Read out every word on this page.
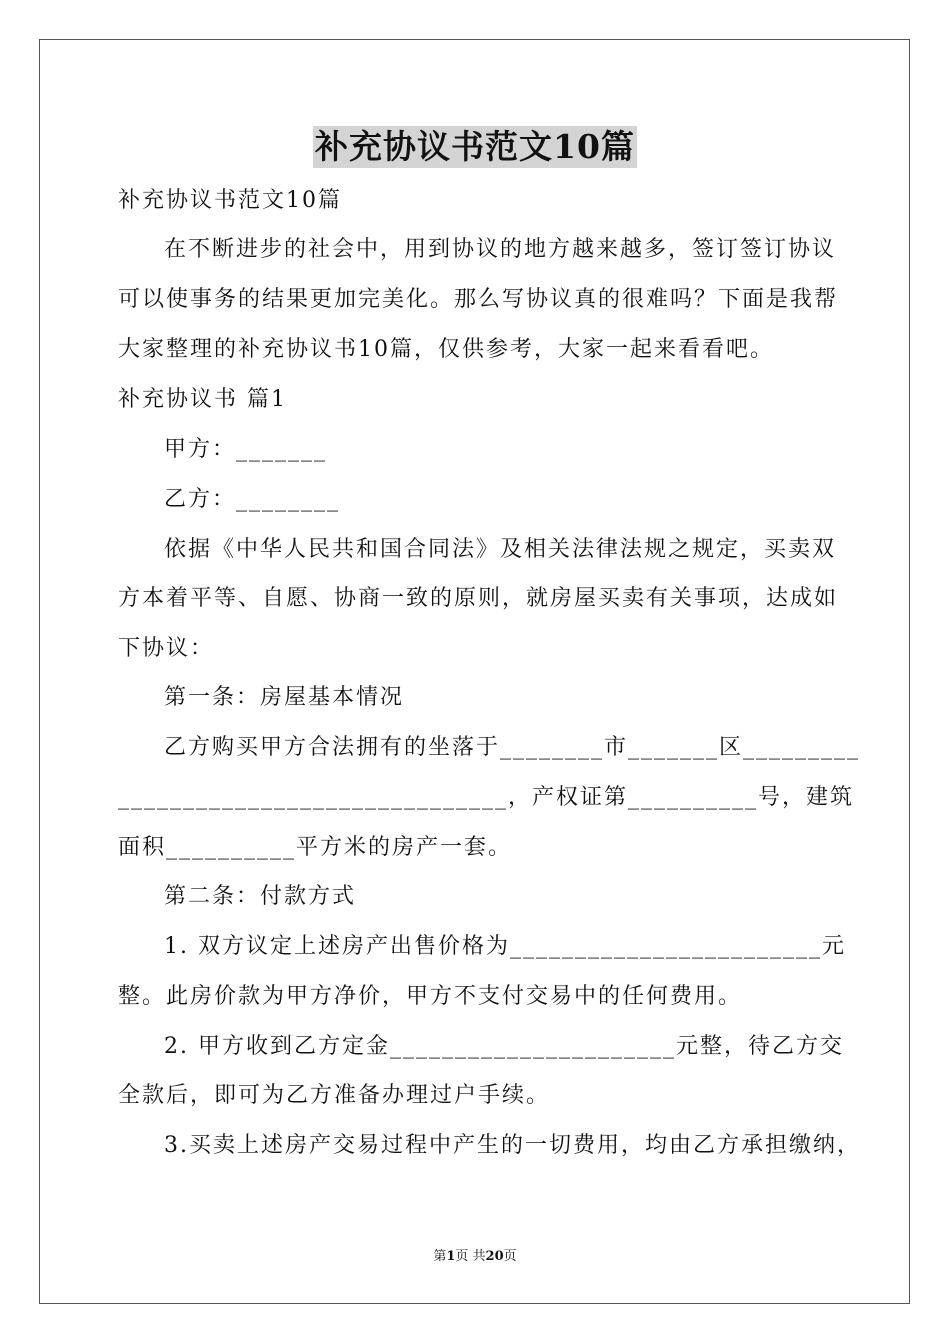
补充协议书范文10篇
补充协议书范文10篇
在不断进步的社会中，用到协议的地方越来越多，签订签订协议
可以使事务的结果更加完美化。那么写协议真的很难吗？下面是我帮
大家整理的补充协议书10篇，仅供参考，大家一起来看看吧。
补充协议书 篇1
甲方：_______
乙方：________
依据《中华人民共和国合同法》及相关法律法规之规定，买卖双
方本着平等、自愿、协商一致的原则，就房屋买卖有关事项，达成如
下协议：
第一条：房屋基本情况
乙方购买甲方合法拥有的坐落于________市_______区_________
______________________________，产权证第__________号，建筑
面积__________平方米的房产一套。
第二条：付款方式
1. 双方议定上述房产出售价格为________________________元
整。此房价款为甲方净价，甲方不支付交易中的任何费用。
2. 甲方收到乙方定金______________________元整，待乙方交
全款后，即可为乙方准备办理过户手续。
3.买卖上述房产交易过程中产生的一切费用，均由乙方承担缴纳，
第1页 共20页
